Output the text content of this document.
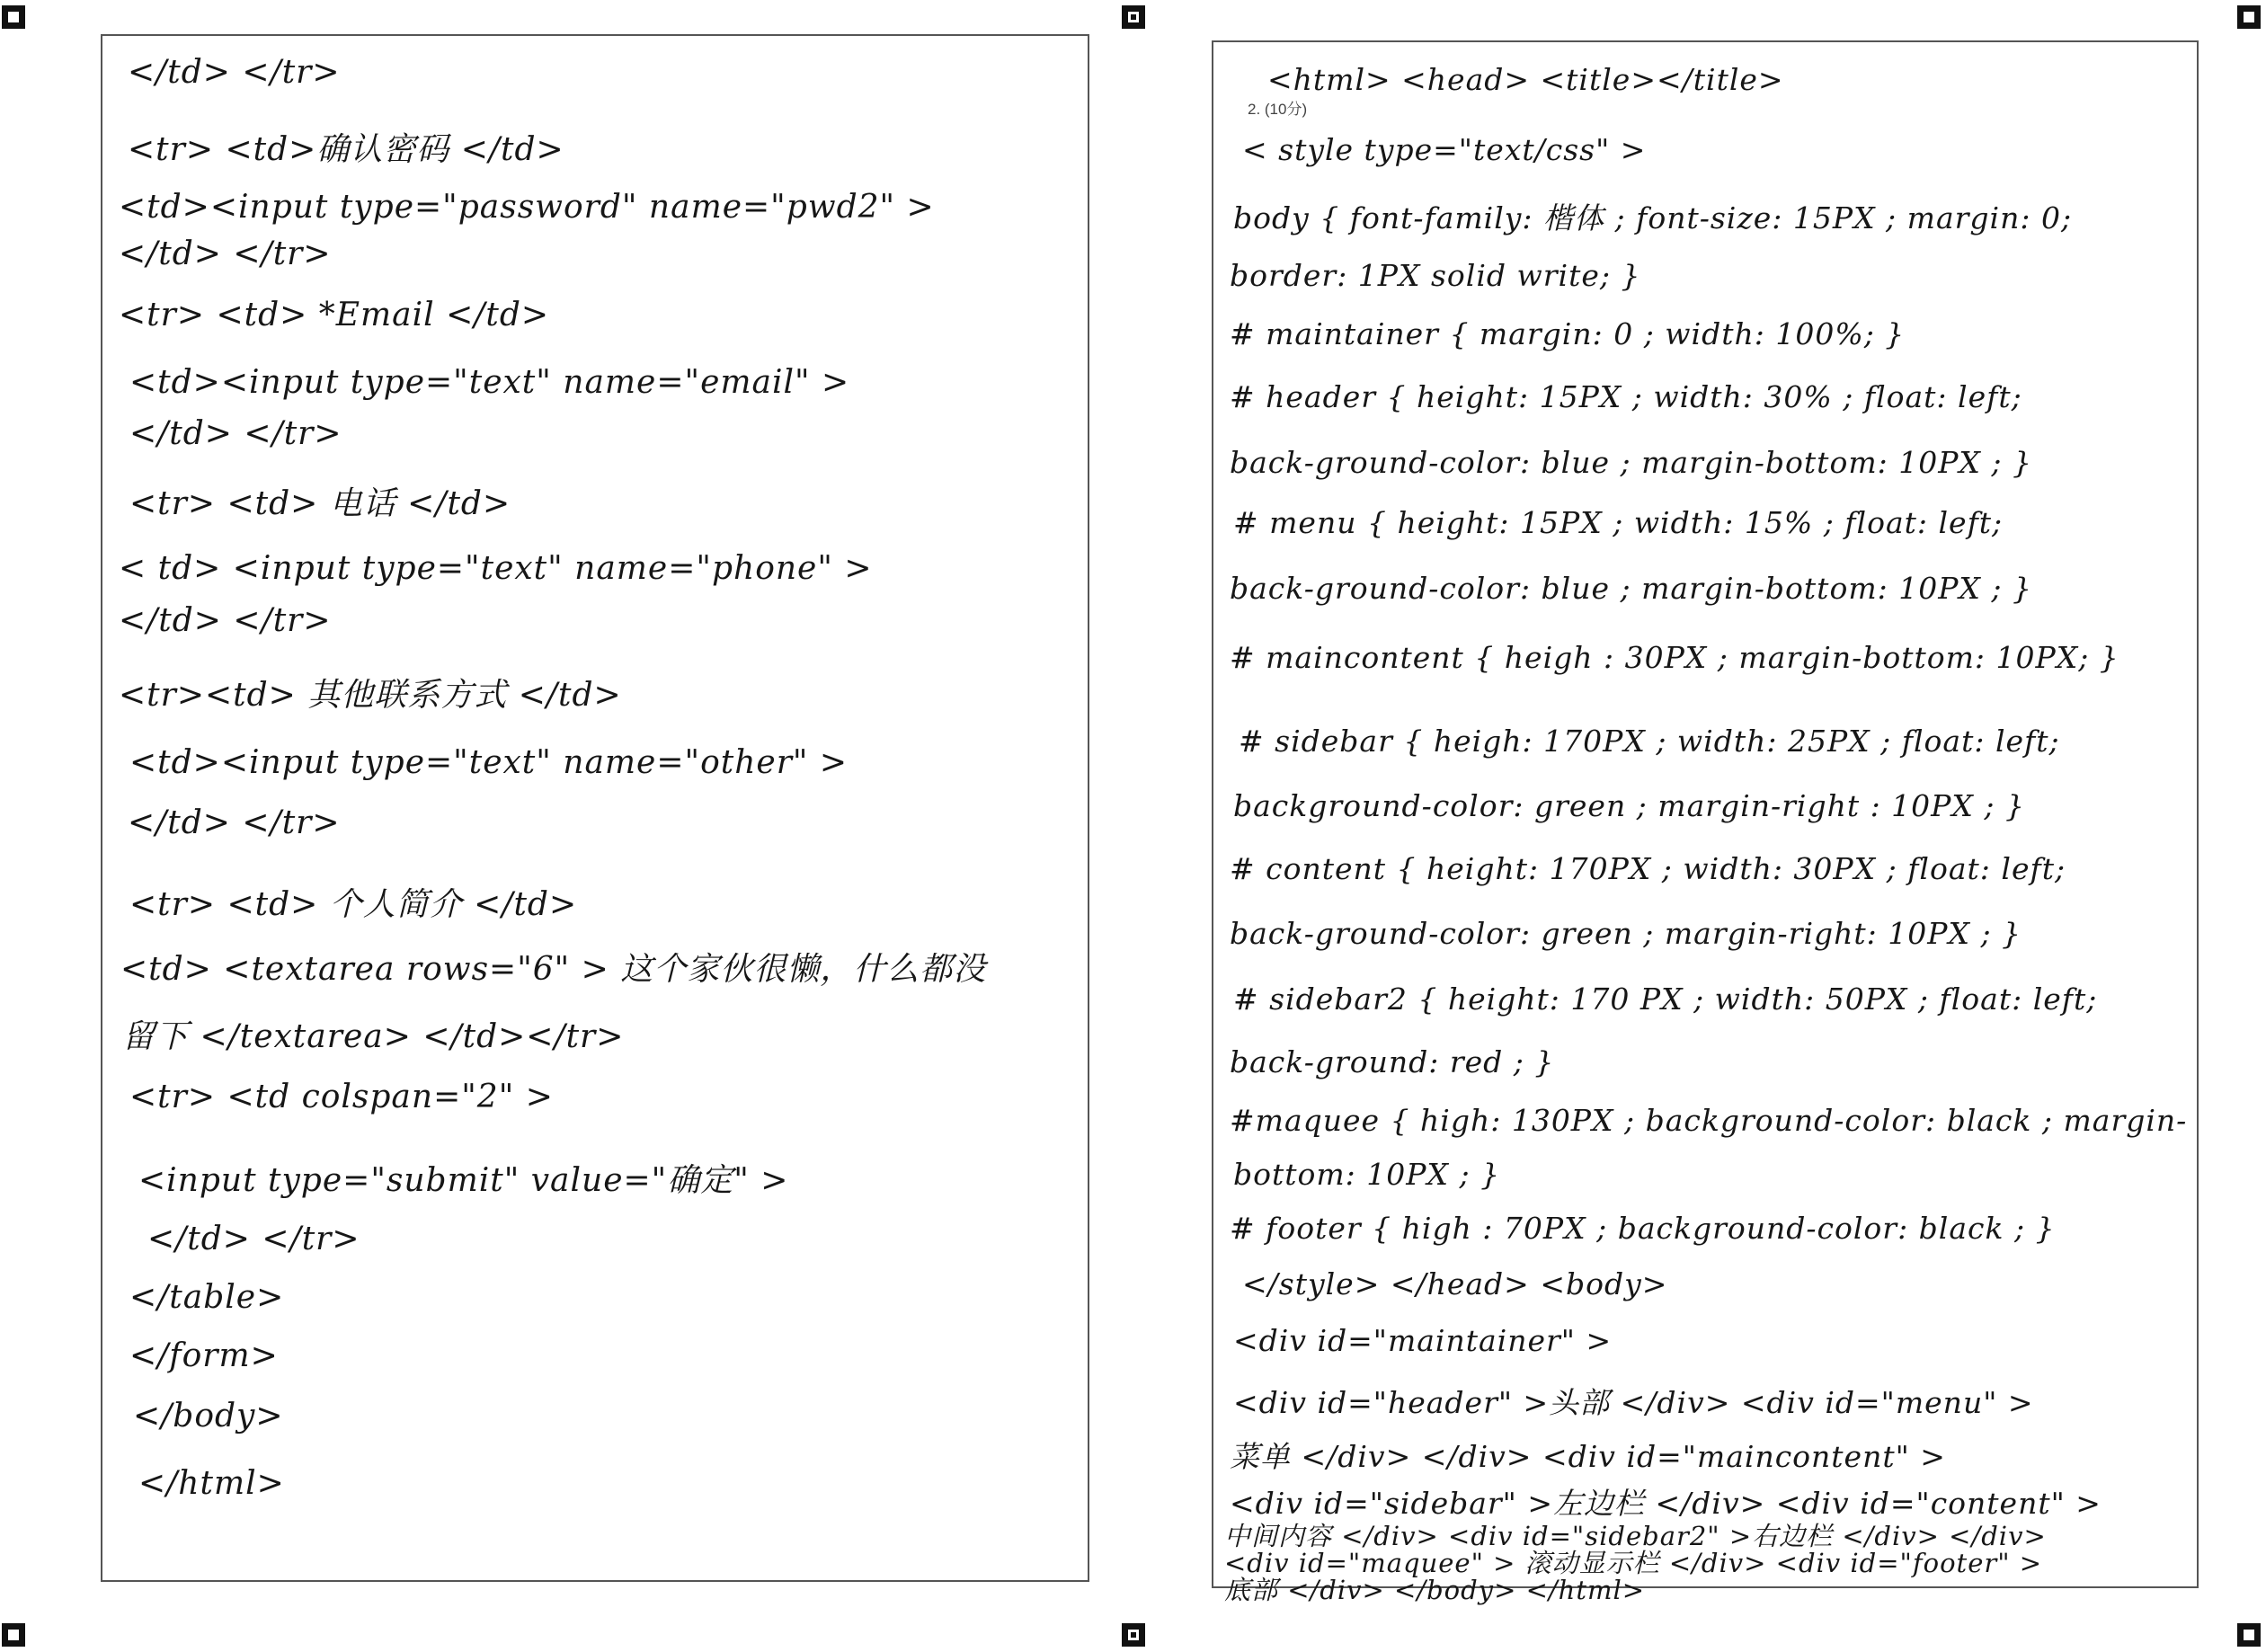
</td> </tr>
<tr> <td>确认密码 </td>
<td><input type="password" name="pwd2" >
</td> </tr>
<tr> <td> *Email </td>
<td><input type="text" name="email" >
</td> </tr>
<tr> <td> 电话 </td>
< td> <input type="text" name="phone" >
</td> </tr>
<tr><td> 其他联系方式 </td>
<td><input type="text" name="other" >
</td> </tr>
<tr> <td> 个人简介 </td>
<td> <textarea rows="6" > 这个家伙很懒，什么都没
留下 </textarea> </td></tr>
<tr> <td colspan="2" >
<input type="submit" value="确定" >
</td> </tr>
</table>
</form>
</body>
</html>
2. (10分)
<html> <head> <title></title>
< style type="text/css" >
body { font-family: 楷体 ; font-size: 15PX ; margin: 0;
border: 1PX solid write; }
# maintainer { margin: 0 ; width: 100%; }
# header { height: 15PX ; width: 30% ; float: left;
back-ground-color: blue ; margin-bottom: 10PX ; }
# menu { height: 15PX ; width: 15% ; float: left;
back-ground-color: blue ; margin-bottom: 10PX ; }
# maincontent { heigh : 30PX ; margin-bottom: 10PX; }
# sidebar { heigh: 170PX ; width: 25PX ; float: left;
background-color: green ; margin-right : 10PX ; }
# content { height: 170PX ; width: 30PX ; float: left;
back-ground-color: green ; margin-right: 10PX ; }
# sidebar2 { height: 170 PX ; width: 50PX ; float: left;
back-ground: red ; }
#maquee { high: 130PX ; background-color: black ; margin-
bottom: 10PX ; }
# footer { high : 70PX ; background-color: black ; }
</style> </head> <body>
<div id="maintainer" >
<div id="header" >头部 </div> <div id="menu" >
菜单 </div> </div> <div id="maincontent" >
<div id="sidebar" >左边栏 </div> <div id="content" >
中间内容 </div> <div id="sidebar2" >右边栏 </div> </div>
<div id="maquee" > 滚动显示栏 </div> <div id="footer" >
底部 </div> </body> </html>
